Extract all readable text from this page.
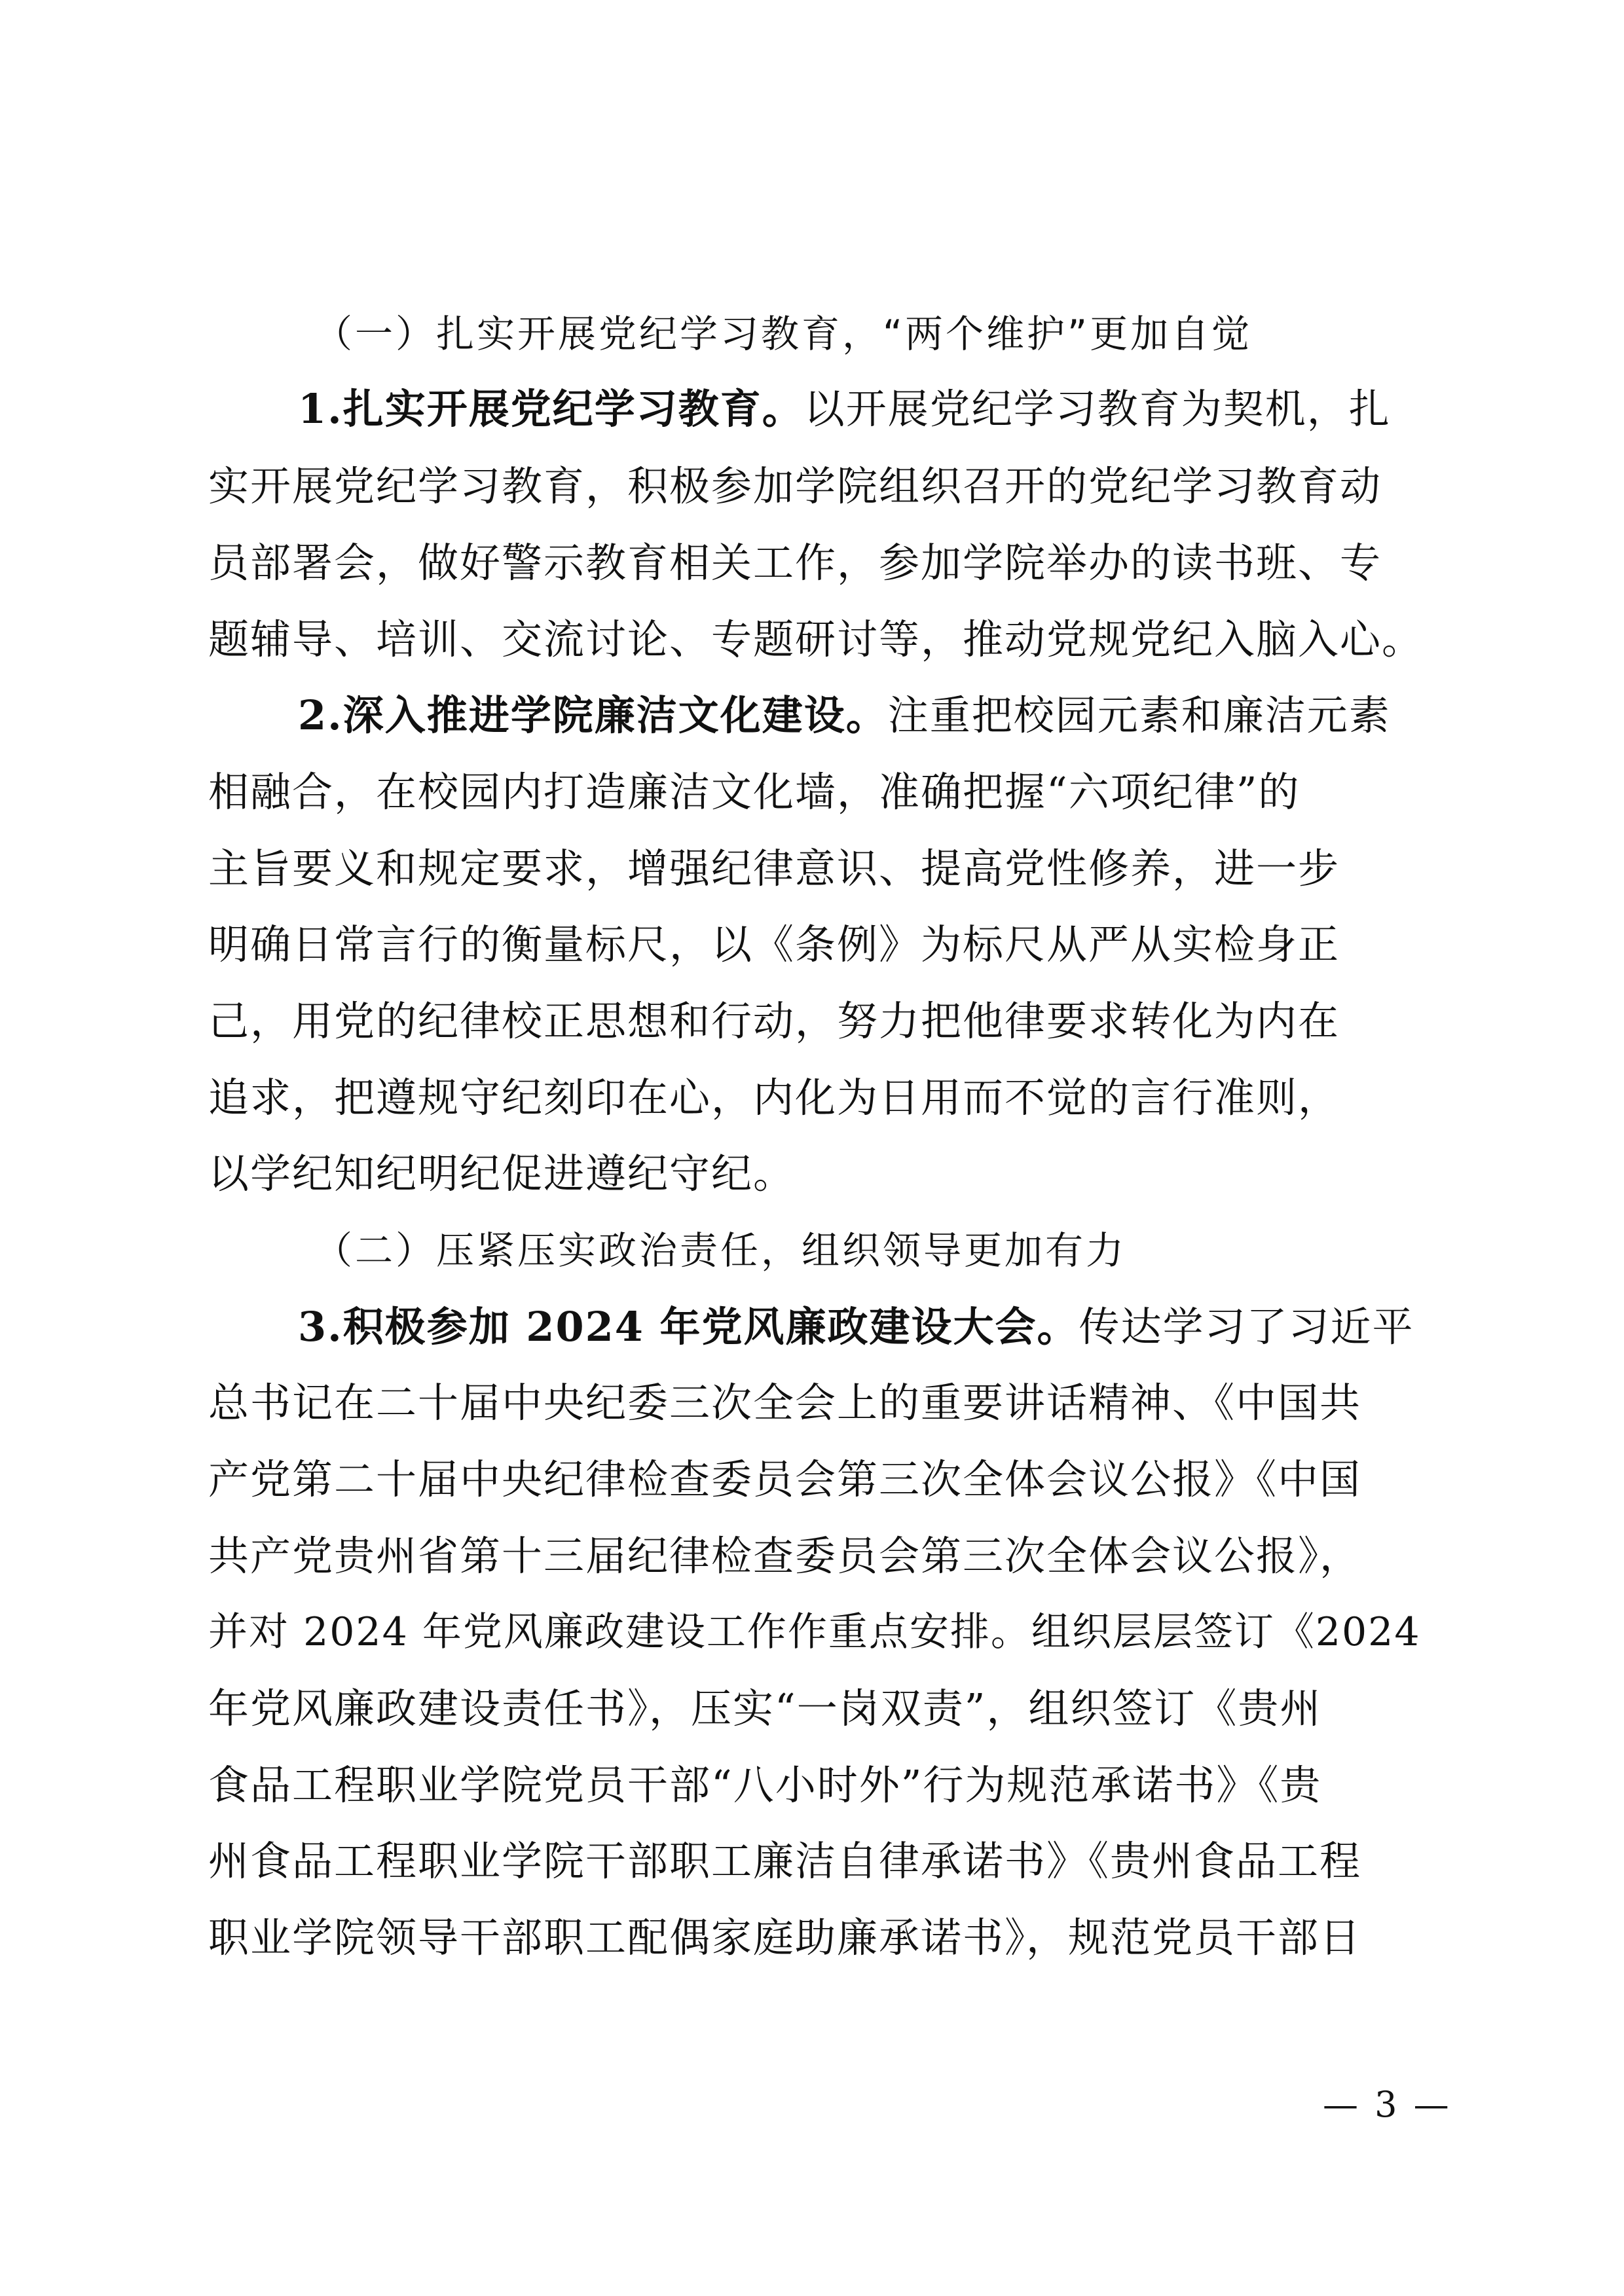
（一）扎实开展党纪学习教育，“两个维护”更加自觉
1.扎实开展党纪学习教育。以开展党纪学习教育为契机，扎
实开展党纪学习教育，积极参加学院组织召开的党纪学习教育动
员部署会，做好警示教育相关工作，参加学院举办的读书班、专
题辅导、培训、交流讨论、专题研讨等，推动党规党纪入脑入心。
2.深入推进学院廉洁文化建设。注重把校园元素和廉洁元素
相融合，在校园内打造廉洁文化墙，准确把握“六项纪律”的
主旨要义和规定要求，增强纪律意识、提高党性修养，进一步
明确日常言行的衡量标尺，以《条例》为标尺从严从实检身正
己，用党的纪律校正思想和行动，努力把他律要求转化为内在
追求，把遵规守纪刻印在心，内化为日用而不觉的言行准则，
以学纪知纪明纪促进遵纪守纪。
（二）压紧压实政治责任，组织领导更加有力
3.积极参加 2024 年党风廉政建设大会。传达学习了习近平
总书记在二十届中央纪委三次全会上的重要讲话精神、《中国共
产党第二十届中央纪律检查委员会第三次全体会议公报》《中国
共产党贵州省第十三届纪律检查委员会第三次全体会议公报》，
并对 2024 年党风廉政建设工作作重点安排。组织层层签订《2024
年党风廉政建设责任书》，压实“一岗双责”，组织签订《贵州
食品工程职业学院党员干部“八小时外”行为规范承诺书》《贵
州食品工程职业学院干部职工廉洁自律承诺书》《贵州食品工程
职业学院领导干部职工配偶家庭助廉承诺书》，规范党员干部日
— 3 —
